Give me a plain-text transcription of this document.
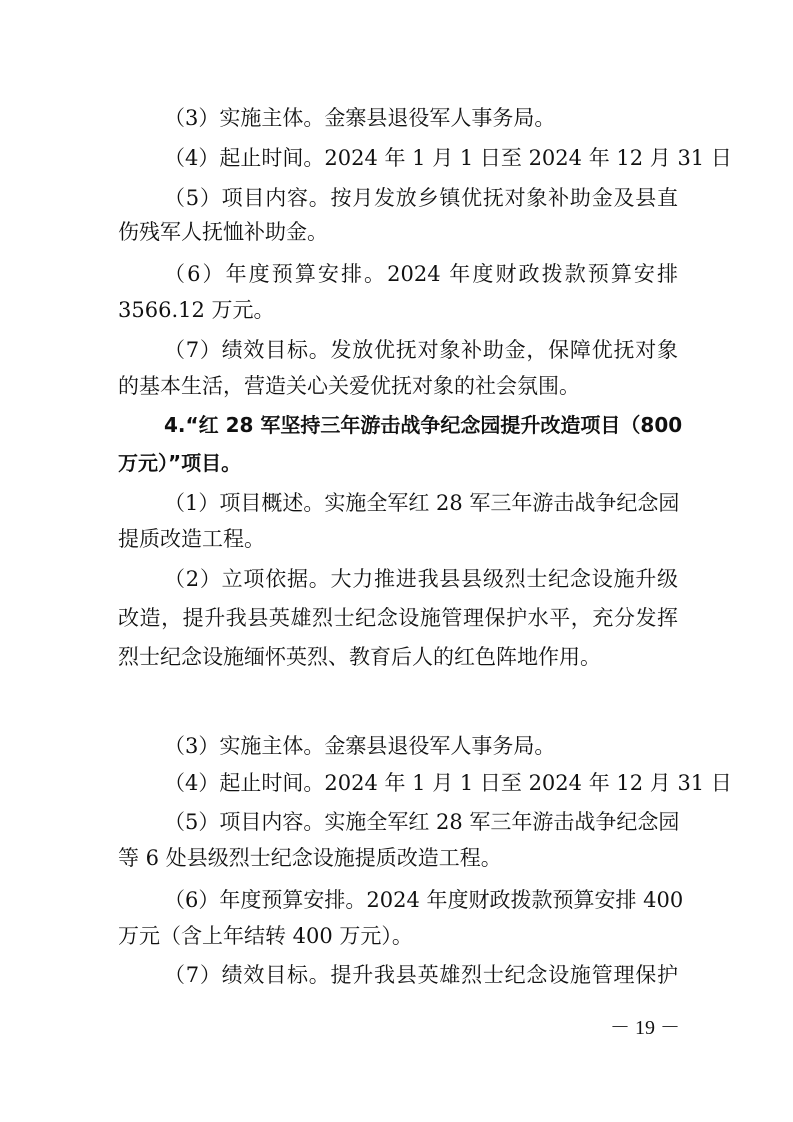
（3）实施主体。金寨县退役军人事务局。
（4）起止时间。2024 年 1 月 1 日至 2024 年 12 月 31 日
（5）项目内容。按月发放乡镇优抚对象补助金及县直
伤残军人抚恤补助金。
（6）年度预算安排。2024 年度财政拨款预算安排
3566.12 万元。
（7）绩效目标。发放优抚对象补助金，保障优抚对象
的基本生活，营造关心关爱优抚对象的社会氛围。
4.“红 28 军坚持三年游击战争纪念园提升改造项目（800
万元）”项目。
（1）项目概述。实施全军红 28 军三年游击战争纪念园
提质改造工程。
（2）立项依据。大力推进我县县级烈士纪念设施升级
改造，提升我县英雄烈士纪念设施管理保护水平，充分发挥
烈士纪念设施缅怀英烈、教育后人的红色阵地作用。
（3）实施主体。金寨县退役军人事务局。
（4）起止时间。2024 年 1 月 1 日至 2024 年 12 月 31 日
（5）项目内容。实施全军红 28 军三年游击战争纪念园
等 6 处县级烈士纪念设施提质改造工程。
（6）年度预算安排。2024 年度财政拨款预算安排 400
万元（含上年结转 400 万元）。
（7）绩效目标。提升我县英雄烈士纪念设施管理保护
－ 19 －
